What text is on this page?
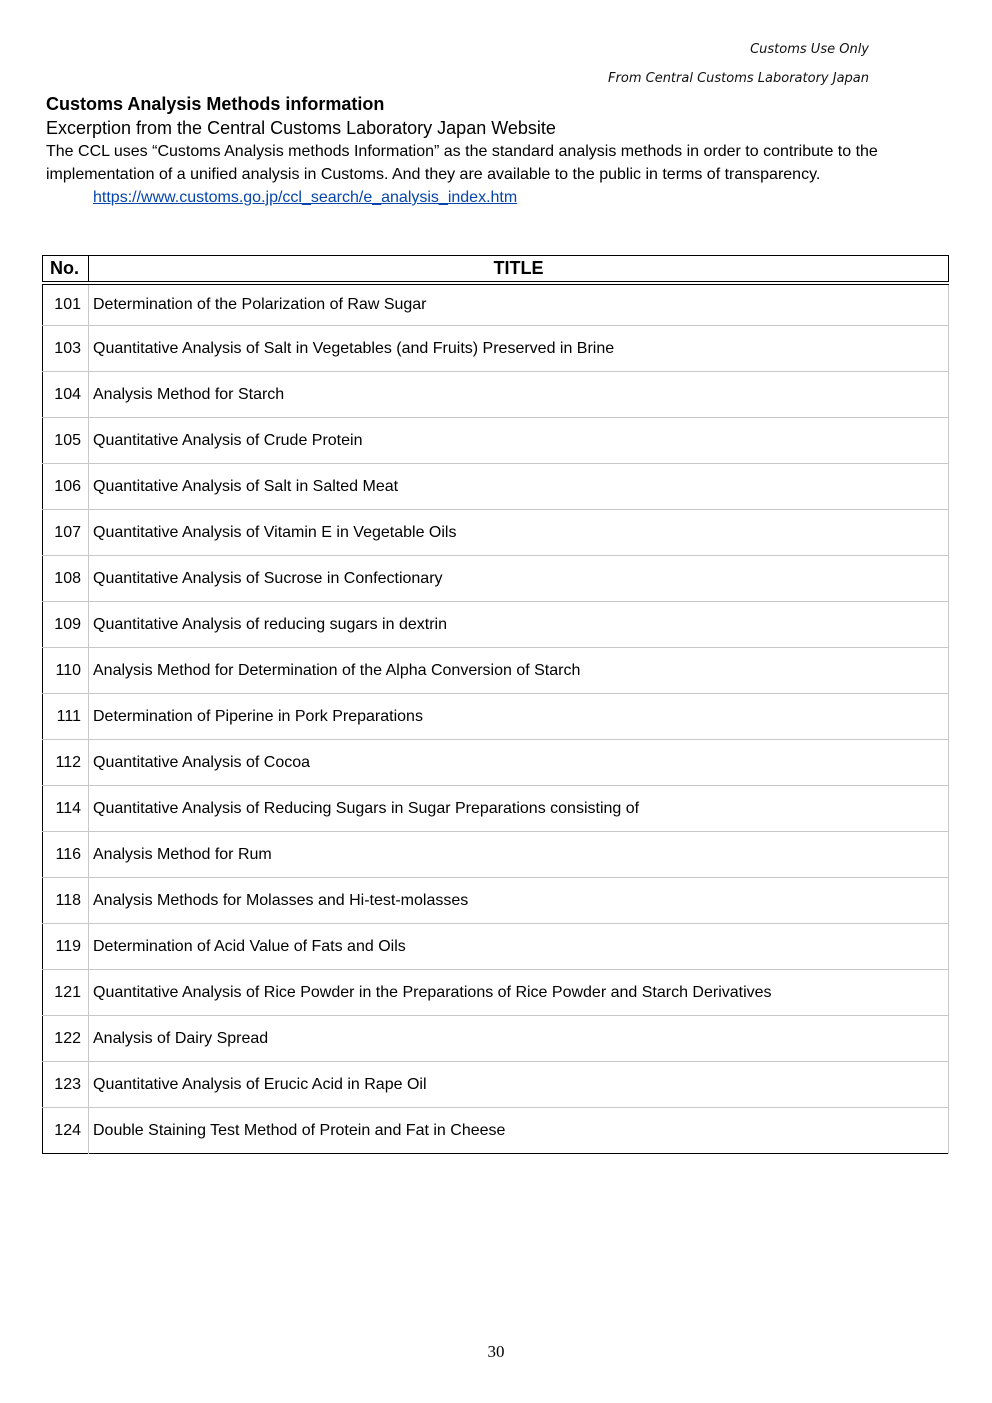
Customs Use Only
From Central Customs Laboratory Japan
Customs Analysis Methods information
Excerption from the Central Customs Laboratory Japan Website
The CCL uses “Customs Analysis methods Information” as the standard analysis methods in order to contribute to the implementation of a unified analysis in Customs. And they are available to the public in terms of transparency.
https://www.customs.go.jp/ccl_search/e_analysis_index.htm
No.	TITLE
101	Determination of the Polarization of Raw Sugar
103	Quantitative Analysis of Salt in Vegetables (and Fruits) Preserved in Brine
104	Analysis Method for Starch
105	Quantitative Analysis of Crude Protein
106	Quantitative Analysis of Salt in Salted Meat
107	Quantitative Analysis of Vitamin E in Vegetable Oils
108	Quantitative Analysis of Sucrose in Confectionary
109	Quantitative Analysis of reducing sugars in dextrin
110	Analysis Method for Determination of the Alpha Conversion of Starch
111	Determination of Piperine in Pork Preparations
112	Quantitative Analysis of Cocoa
114	Quantitative Analysis of Reducing Sugars in Sugar Preparations consisting of
116	Analysis Method for Rum
118	Analysis Methods for Molasses and Hi-test-molasses
119	Determination of Acid Value of Fats and Oils
121	Quantitative Analysis of Rice Powder in the Preparations of Rice Powder and Starch Derivatives
122	Analysis of Dairy Spread
123	Quantitative Analysis of Erucic Acid in Rape Oil
124	Double Staining Test Method of Protein and Fat in Cheese
30
